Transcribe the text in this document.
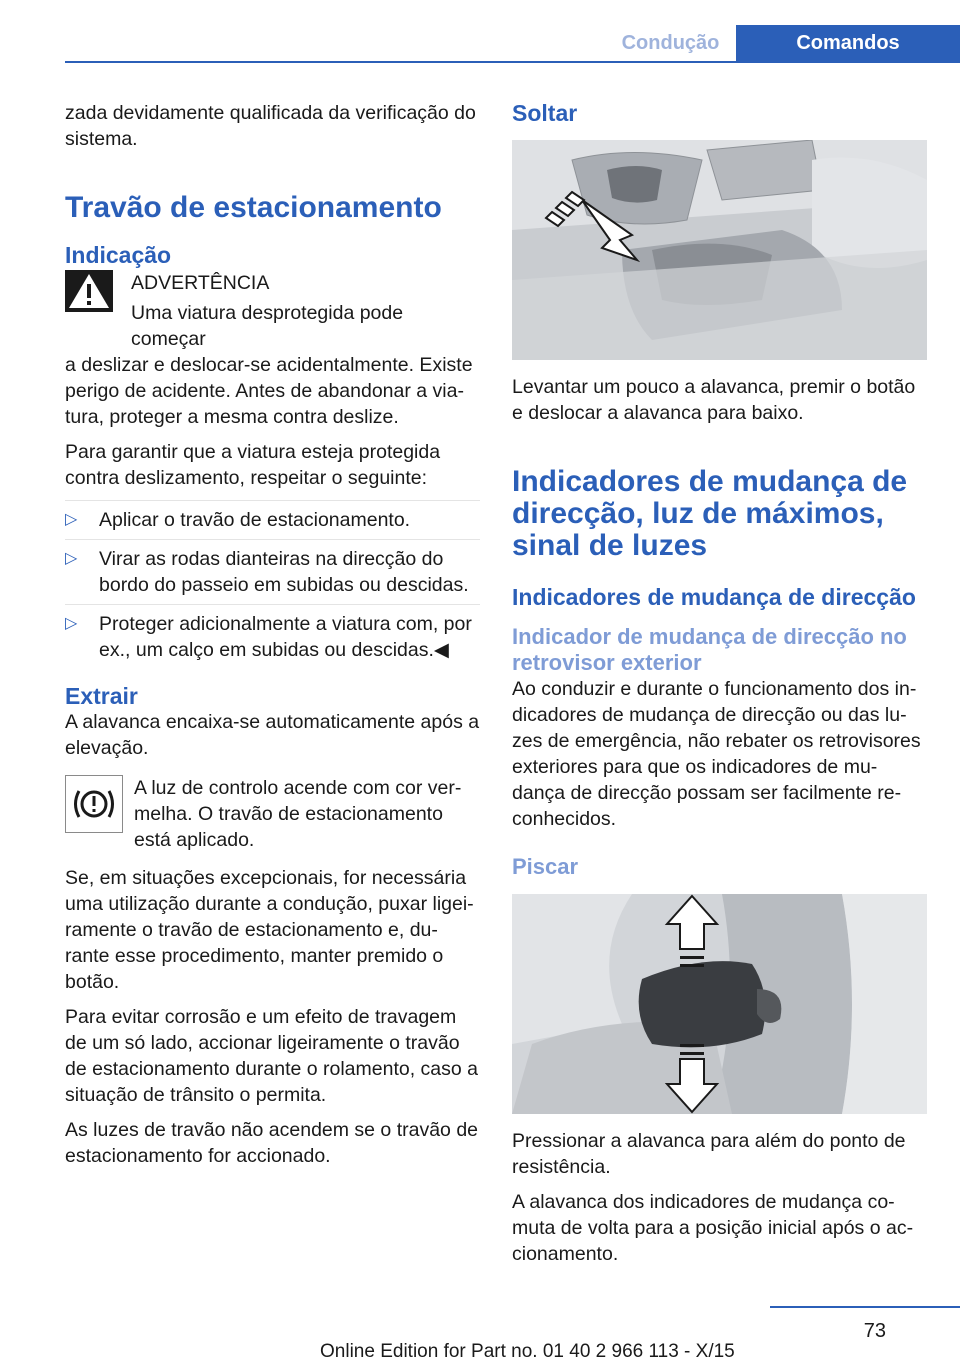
Condução	Comandos

zada devidamente qualificada da verificação do sistema.

Travão de estacionamento
Indicação
ADVERTÊNCIA
Uma viatura desprotegida pode começar

a deslizar e deslocar-se acidentalmente. Existe perigo de acidente. Antes de abandonar a via-tura, proteger a mesma contra deslize.

Para garantir que a viatura esteja protegida contra deslizamento, respeitar o seguinte:

▷ Aplicar o travão de estacionamento.
▷ Virar as rodas dianteiras na direcção do bordo do passeio em subidas ou descidas.
▷ Proteger adicionalmente a viatura com, por ex., um calço em subidas ou descidas.◀
Extrair

A alavanca encaixa-se automaticamente após a elevação.

A luz de controlo acende com cor ver-melha. O travão de estacionamento está aplicado.

Se, em situações excepcionais, for necessária uma utilização durante a condução, puxar ligei-ramente o travão de estacionamento e, du-rante esse procedimento, manter premido o botão.

Para evitar corrosão e um efeito de travagem de um só lado, accionar ligeiramente o travão de estacionamento durante o rolamento, caso a situação de trânsito o permita.

As luzes de travão não acendem se o travão de estacionamento for accionado.

Soltar

Levantar um pouco a alavanca, premir o botão e deslocar a alavanca para baixo.

Indicadores de mudança de direcção, luz de máximos, sinal de luzes
Indicadores de mudança de direcção
Indicador de mudança de direcção no retrovisor exterior

Ao conduzir e durante o funcionamento dos in-dicadores de mudança de direcção ou das lu-zes de emergência, não rebater os retrovisores exteriores para que os indicadores de mu-dança de direcção possam ser facilmente re-conhecidos.

Piscar

Pressionar a alavanca para além do ponto de resistência.

A alavanca dos indicadores de mudança co-muta de volta para a posição inicial após o ac-cionamento.

73
Online Edition for Part no. 01 40 2 966 113 - X/15
